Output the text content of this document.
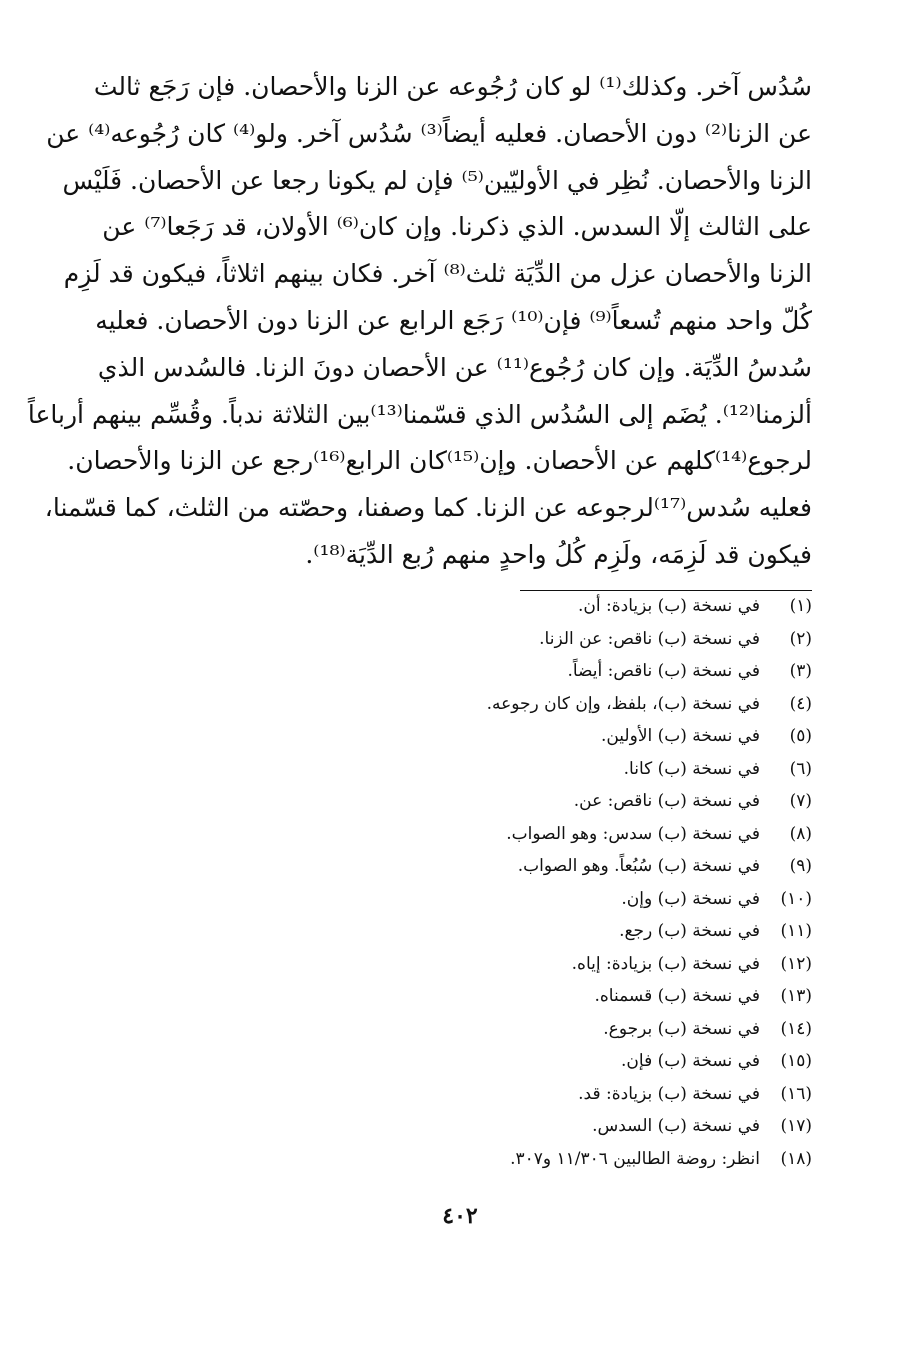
سُدُس آخر. وكذلك⁽¹⁾ لو كان رُجُوعه عن الزنا والأحصان. فإن رَجَع ثالث
عن الزنا⁽²⁾ دون الأحصان. فعليه أيضاً⁽³⁾ سُدُس آخر. ولو⁽⁴⁾ كان رُجُوعه⁽⁴⁾ عن
الزنا والأحصان. نُظِر في الأوليّين⁽⁵⁾ فإن لم يكونا رجعا عن الأحصان. فَلَيْس
على الثالث إلّا السدس. الذي ذكرنا. وإن كان⁽⁶⁾ الأولان، قد رَجَعا⁽⁷⁾ عن
الزنا والأحصان عزل من الدِّيَة ثلث⁽⁸⁾ آخر. فكان بينهم اثلاثاً، فيكون قد لَزِم
كُلّ واحد منهم تُسعاً⁽⁹⁾ فإن⁽¹⁰⁾ رَجَع الرابع عن الزنا دون الأحصان. فعليه
سُدسُ الدِّيَة. وإن كان رُجُوع⁽¹¹⁾ عن الأحصان دونَ الزنا. فالسُدس الذي
ألزمنا⁽¹²⁾. يُضَم إلى السُدُس الذي قسّمنا⁽¹³⁾بين الثلاثة ندباً. وقُسِّم بينهم أرباعاً
لرجوع⁽¹⁴⁾كلهم عن الأحصان. وإن⁽¹⁵⁾كان الرابع⁽¹⁶⁾رجع عن الزنا والأحصان.
فعليه سُدس⁽¹⁷⁾لرجوعه عن الزنا. كما وصفنا، وحصّته من الثلث، كما قسّمنا،
فيكون قد لَزِمَه، ولَزِم كُلُ واحدٍ منهم رُبع الدِّيَة⁽¹⁸⁾.
(١)
في نسخة (ب) بزيادة: أن.
(٢)
في نسخة (ب) ناقص: عن الزنا.
(٣)
في نسخة (ب) ناقص: أيضاً.
(٤)
في نسخة (ب)، بلفظ، وإن كان رجوعه.
(٥)
في نسخة (ب) الأولين.
(٦)
في نسخة (ب) كانا.
(٧)
في نسخة (ب) ناقص: عن.
(٨)
في نسخة (ب) سدس: وهو الصواب.
(٩)
في نسخة (ب) سُبُعاً. وهو الصواب.
(١٠)
في نسخة (ب) وإن.
(١١)
في نسخة (ب) رجع.
(١٢)
في نسخة (ب) بزيادة: إياه.
(١٣)
في نسخة (ب) قسمناه.
(١٤)
في نسخة (ب) برجوع.
(١٥)
في نسخة (ب) فإن.
(١٦)
في نسخة (ب) بزيادة: قد.
(١٧)
في نسخة (ب) السدس.
(١٨)
انظر: روضة الطالبين ١١/٣٠٦ و٣٠٧.
٤٠٢
